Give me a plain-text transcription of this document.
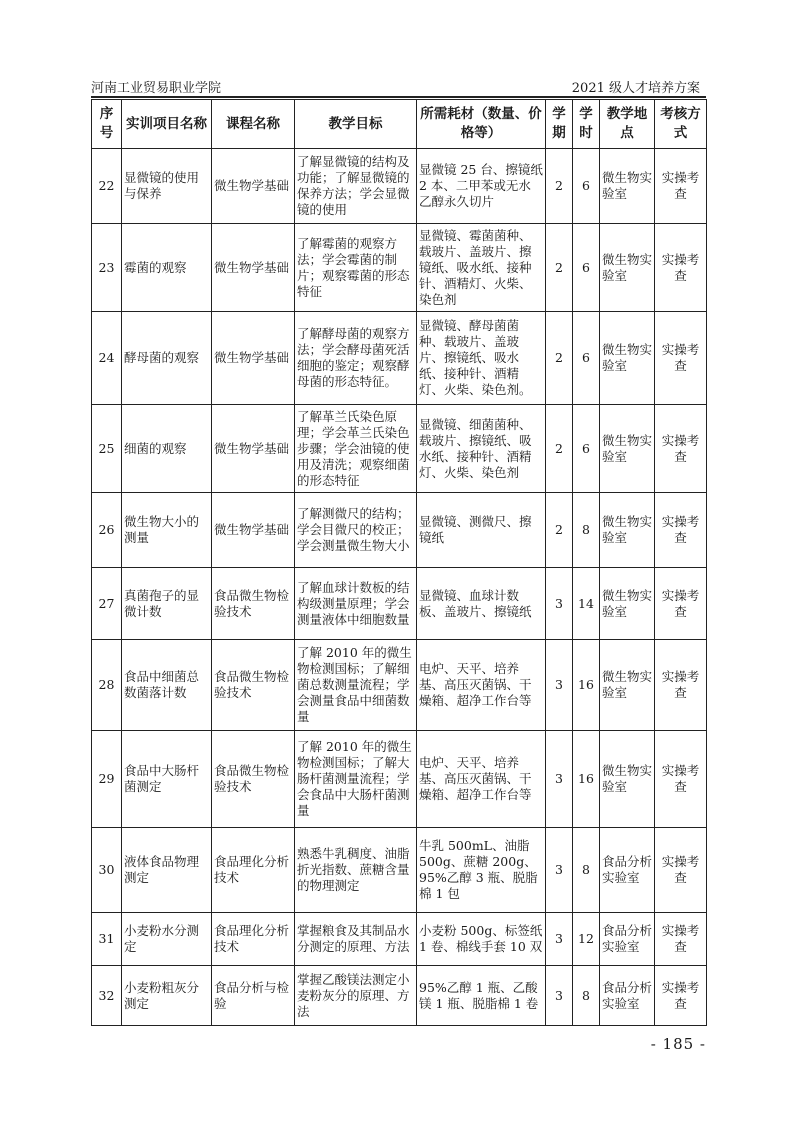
河南工业贸易职业学院	2021 级人才培养方案
序号	实训项目名称	课程名称	教学目标	所需耗材（数量、价格等）	学期	学时	教学地点	考核方式
22	显微镜的使用与保养	微生物学基础	了解显微镜的结构及功能；了解显微镜的保养方法；学会显微镜的使用	显微镜 25 台、擦镜纸 2 本、二甲苯或无水乙醇永久切片	2	6	微生物实验室	实操考查
23	霉菌的观察	微生物学基础	了解霉菌的观察方法；学会霉菌的制片；观察霉菌的形态特征	显微镜、霉菌菌种、载玻片、盖玻片、擦镜纸、吸水纸、接种针、酒精灯、火柴、染色剂	2	6	微生物实验室	实操考查
24	酵母菌的观察	微生物学基础	了解酵母菌的观察方法；学会酵母菌死活细胞的鉴定；观察酵母菌的形态特征。	显微镜、酵母菌菌种、载玻片、盖玻片、擦镜纸、吸水纸、接种针、酒精灯、火柴、染色剂。	2	6	微生物实验室	实操考查
25	细菌的观察	微生物学基础	了解革兰氏染色原理；学会革兰氏染色步骤；学会油镜的使用及清洗；观察细菌的形态特征	显微镜、细菌菌种、载玻片、擦镜纸、吸水纸、接种针、酒精灯、火柴、染色剂	2	6	微生物实验室	实操考查
26	微生物大小的测量	微生物学基础	了解测微尺的结构；学会目微尺的校正；学会测量微生物大小	显微镜、测微尺、擦镜纸	2	8	微生物实验室	实操考查
27	真菌孢子的显微计数	食品微生物检验技术	了解血球计数板的结构级测量原理；学会测量液体中细胞数量	显微镜、血球计数板、盖玻片、擦镜纸	3	14	微生物实验室	实操考查
28	食品中细菌总数菌落计数	食品微生物检验技术	了解 2010 年的微生物检测国标；了解细菌总数测量流程；学会测量食品中细菌数量	电炉、天平、培养基、高压灭菌锅、干燥箱、超净工作台等	3	16	微生物实验室	实操考查
29	食品中大肠杆菌测定	食品微生物检验技术	了解 2010 年的微生物检测国标；了解大肠杆菌测量流程；学会食品中大肠杆菌测量	电炉、天平、培养基、高压灭菌锅、干燥箱、超净工作台等	3	16	微生物实验室	实操考查
30	液体食品物理测定	食品理化分析技术	熟悉牛乳稠度、油脂折光指数、蔗糖含量的物理测定	牛乳 500mL、油脂 500g、蔗糖 200g、95%乙醇 3 瓶、脱脂棉 1 包	3	8	食品分析实验室	实操考查
31	小麦粉水分测定	食品理化分析技术	掌握粮食及其制品水分测定的原理、方法	小麦粉 500g、标签纸 1 卷、棉线手套 10 双	3	12	食品分析实验室	实操考查
32	小麦粉粗灰分测定	食品分析与检验	掌握乙酸镁法测定小麦粉灰分的原理、方法	95%乙醇 1 瓶、乙酸镁 1 瓶、脱脂棉 1 卷	3	8	食品分析实验室	实操考查
- 185 -
